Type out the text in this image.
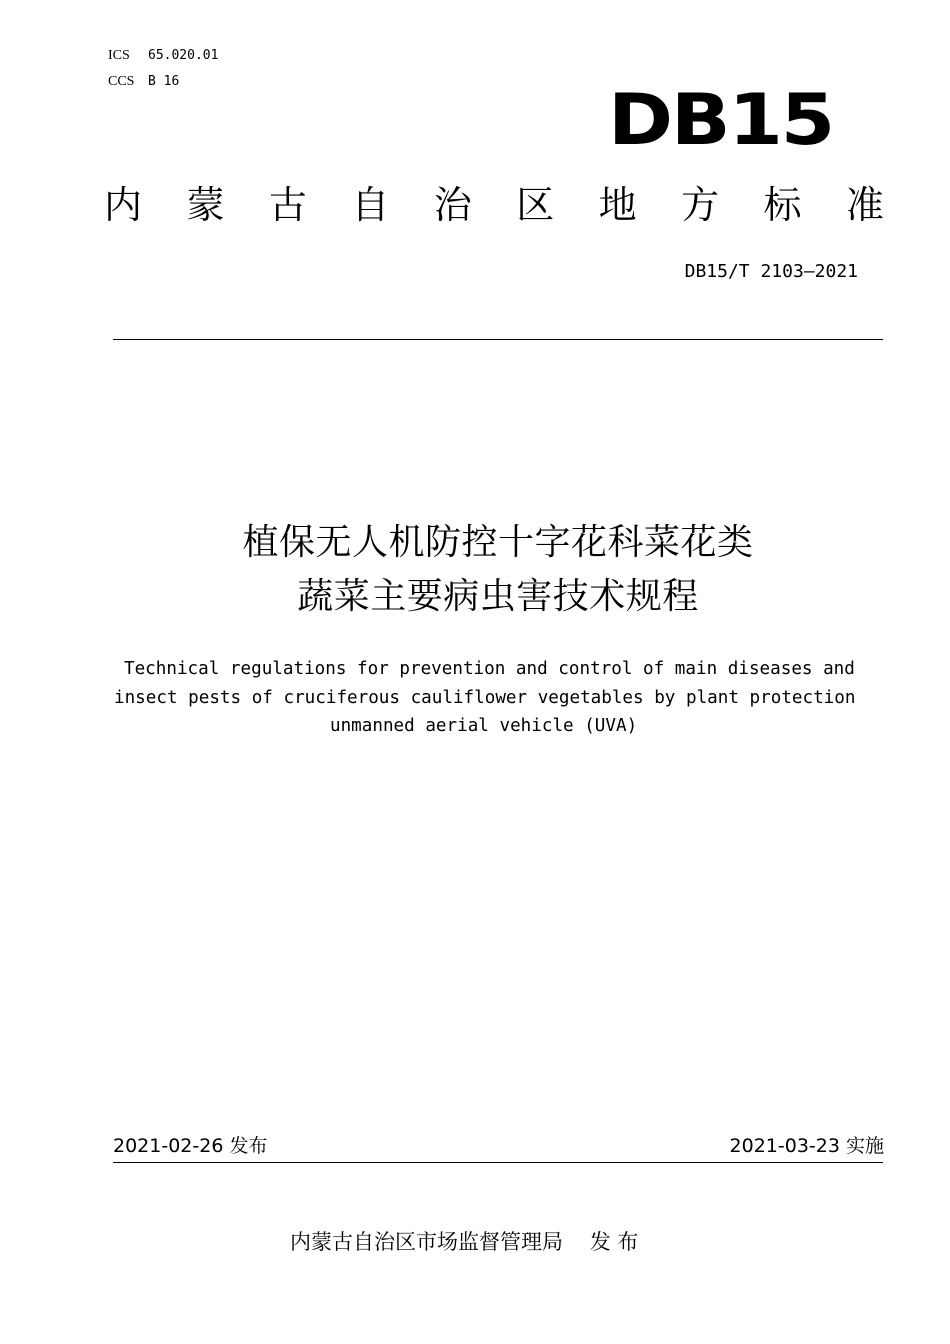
ICS 65.020.01
CCS B 16	DB15
内 蒙 古 自 治 区 地 方 标 准
DB15/T 2103—2021
植保无人机防控十字花科菜花类
蔬菜主要病虫害技术规程
Technical regulations for prevention and control of main diseases and
insect pests of cruciferous cauliflower vegetables by plant protection
unmanned aerial vehicle (UVA)
2021-02-26 发布	2021-03-23 实施
内蒙古自治区市场监督管理局    发 布
